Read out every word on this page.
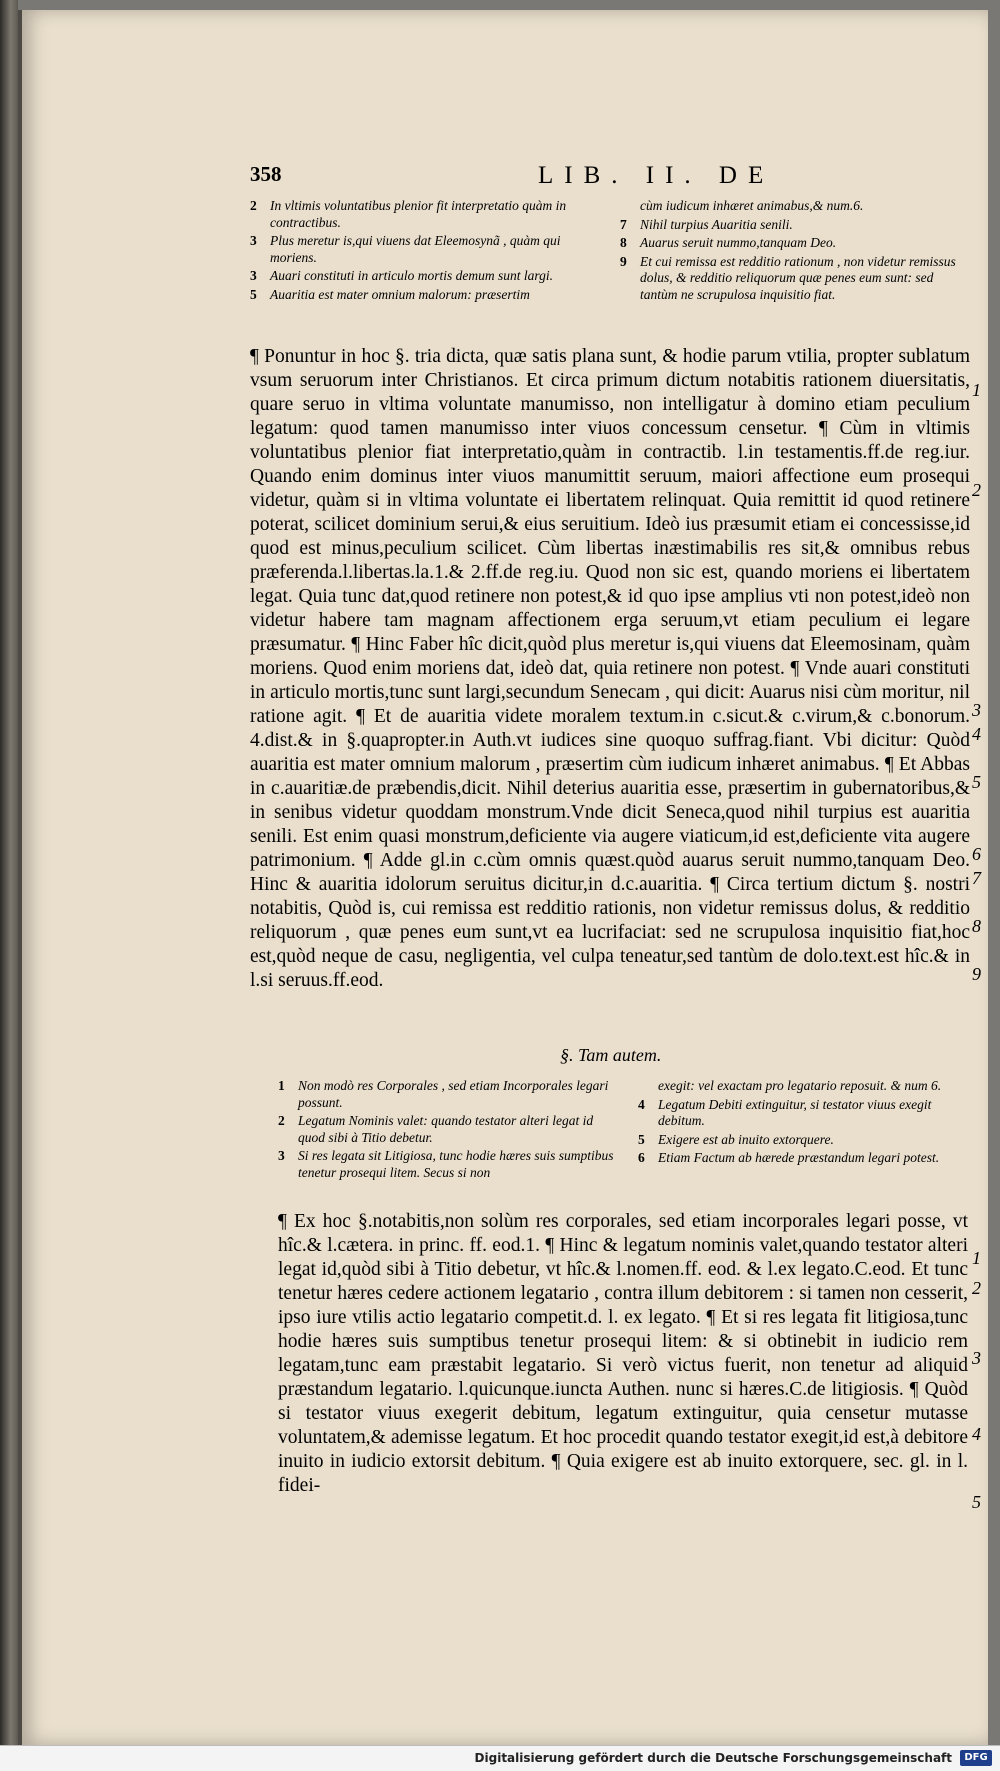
358	LIB. II. DE
2 In vltimis voluntatibus plenior fit interpretatio quàm in contractibus.
3 Plus meretur is,qui viuens dat Eleemosynã , quàm qui moriens.
3 Auari constituti in articulo mortis demum sunt largi.
5 Auaritia est mater omnium malorum: præsertim
cùm iudicum inhæret animabus,& num.6.
7 Nihil turpius Auaritia senili.
8 Auarus seruit nummo,tanquam Deo.
9 Et cui remissa est redditio rationum , non videtur remissus dolus, & redditio reliquorum quæ penes eum sunt: sed tantùm ne scrupulosa inquisitio fiat.

¶ Ponuntur in hoc §. tria dicta, quæ satis plana sunt, & hodie parum vtilia, propter sublatum vsum seruorum inter Christianos. Et circa primum dictum notabitis rationem diuersitatis, quare seruo in vltima voluntate manumisso, non intelligatur à domino etiam peculium legatum: quod tamen manumisso inter viuos concessum censetur. ¶ Cùm in vltimis voluntatibus plenior fiat interpretatio,quàm in contractib. l.in testamentis.ff.de reg.iur. Quando enim dominus inter viuos manumittit seruum, maiori affectione eum prosequi videtur, quàm si in vltima voluntate ei libertatem relinquat. Quia remittit id quod retinere poterat, scilicet dominium serui,& eius seruitium. Ideò ius præsumit etiam ei concessisse,id quod est minus,peculium scilicet. Cùm libertas inæstimabilis res sit,& omnibus rebus præferenda.l.libertas.la.1.& 2.ff.de reg.iu. Quod non sic est, quando moriens ei libertatem legat. Quia tunc dat,quod retinere non potest,& id quo ipse amplius vti non potest,ideò non videtur habere tam magnam affectionem erga seruum,vt etiam peculium ei legare præsumatur. ¶ Hinc Faber hîc dicit,quòd plus meretur is,qui viuens dat Eleemosinam, quàm moriens. Quod enim moriens dat, ideò dat, quia retinere non potest. ¶ Vnde auari constituti in articulo mortis,tunc sunt largi,secundum Senecam , qui dicit: Auarus nisi cùm moritur, nil ratione agit. ¶ Et de auaritia videte moralem textum.in c.sicut.& c.virum,& c.bonorum. 4.dist.& in §.quapropter.in Auth.vt iudices sine quoquo suffrag.fiant. Vbi dicitur: Quòd auaritia est mater omnium malorum , præsertim cùm iudicum inhæret animabus. ¶ Et Abbas in c.auaritiæ.de præbendis,dicit. Nihil deterius auaritia esse, præsertim in gubernatoribus,& in senibus videtur quoddam monstrum.Vnde dicit Seneca,quod nihil turpius est auaritia senili. Est enim quasi monstrum,deficiente via augere viaticum,id est,deficiente vita augere patrimonium. ¶ Adde gl.in c.cùm omnis quæst.quòd auarus seruit nummo,tanquam Deo. Hinc & auaritia idolorum seruitus dicitur,in d.c.auaritia. ¶ Circa tertium dictum §. nostri notabitis, Quòd is, cui remissa est redditio rationis, non videtur remissus dolus, & redditio reliquorum , quæ penes eum sunt,vt ea lucrifaciat: sed ne scrupulosa inquisitio fiat,hoc est,quòd neque de casu, negligentia, vel culpa teneatur,sed tantùm de dolo.text.est hîc.& in l.si seruus.ff.eod.

§. Tam autem.
1 Non modò res Corporales , sed etiam Incorporales legari possunt.
2 Legatum Nominis valet: quando testator alteri legat id quod sibi à Titio debetur.
3 Si res legata sit Litigiosa, tunc hodie hæres suis sumptibus tenetur prosequi litem. Secus si non
exegit: vel exactam pro legatario reposuit. & num 6.
4 Legatum Debiti extinguitur, si testator viuus exegit debitum.
5 Exigere est ab inuito extorquere.
6 Etiam Factum ab hærede præstandum legari potest.

¶ Ex hoc §.notabitis,non solùm res corporales, sed etiam incorporales legari posse, vt hîc.& l.cætera. in princ. ff. eod.1. ¶ Hinc & legatum nominis valet,quando testator alteri legat id,quòd sibi à Titio debetur, vt hîc.& l.nomen.ff. eod. & l.ex legato.C.eod. Et tunc tenetur hæres cedere actionem legatario , contra illum debitorem : si tamen non cesserit, ipso iure vtilis actio legatario competit.d. l. ex legato. ¶ Et si res legata fit litigiosa,tunc hodie hæres suis sumptibus tenetur prosequi litem: & si obtinebit in iudicio rem legatam,tunc eam præstabit legatario. Si verò victus fuerit, non tenetur ad aliquid præstandum legatario. l.quicunque.iuncta Authen. nunc si hæres.C.de litigiosis. ¶ Quòd si testator viuus exegerit debitum, legatum extinguitur, quia censetur mutasse voluntatem,& ademisse legatum. Et hoc procedit quando testator exegit,id est,à debitore inuito in iudicio extorsit debitum. ¶ Quia exigere est ab inuito extorquere, sec. gl. in l. fidei-

1
2
3
4
5
6
7
8
9
1
2
3
4
5
Digitalisierung gefördert durch die Deutsche Forschungsgemeinschaft	DFG
